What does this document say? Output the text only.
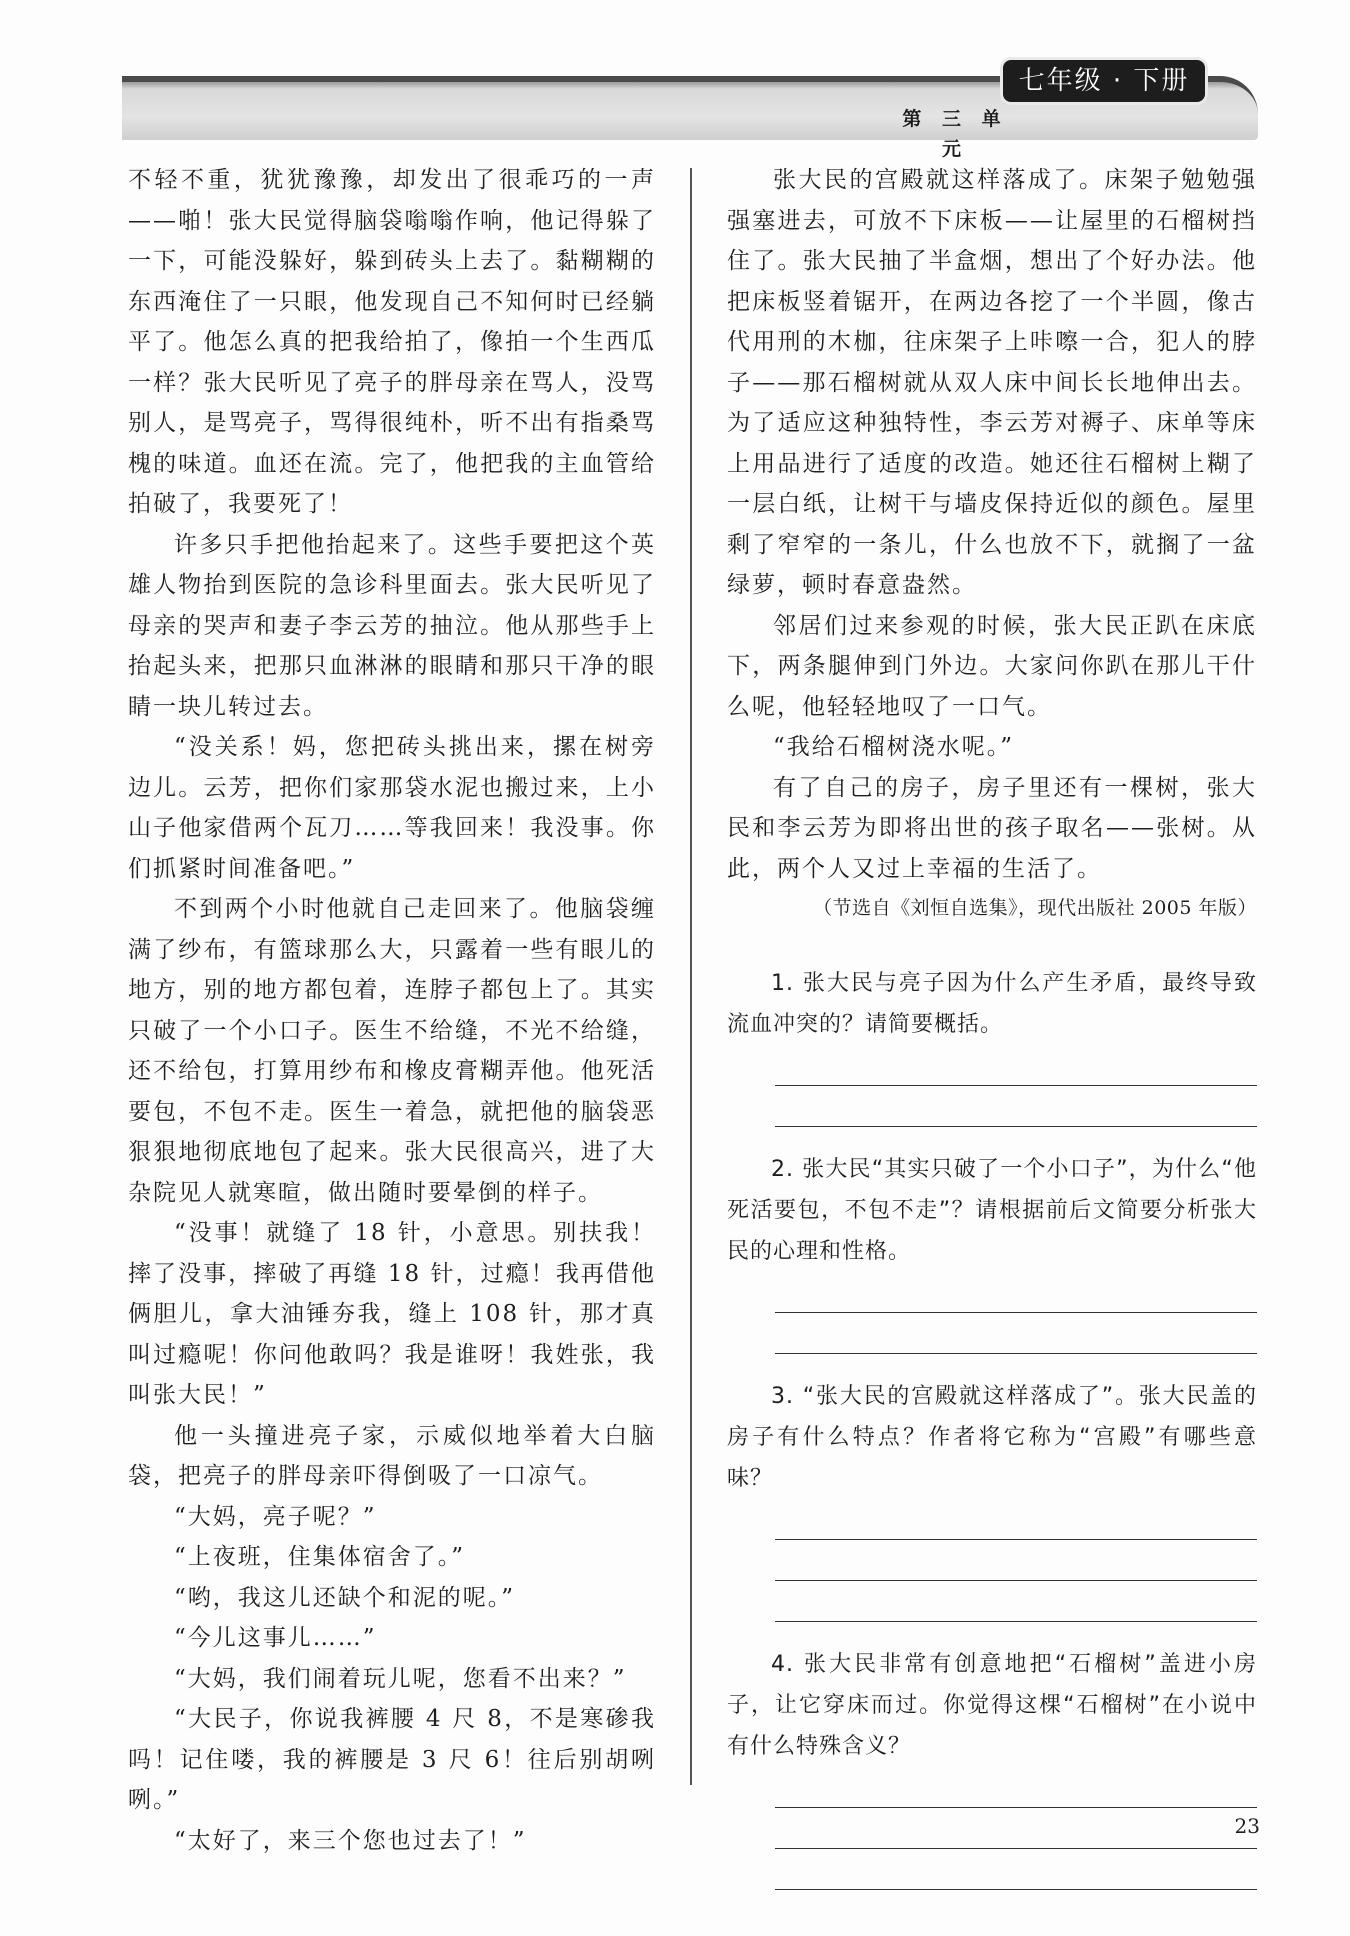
七年级 · 下册
第 三 单 元

不轻不重，犹犹豫豫，却发出了很乖巧的一声——啪！张大民觉得脑袋嗡嗡作响，他记得躲了一下，可能没躲好，躲到砖头上去了。黏糊糊的东西淹住了一只眼，他发现自己不知何时已经躺平了。他怎么真的把我给拍了，像拍一个生西瓜一样？张大民听见了亮子的胖母亲在骂人，没骂别人，是骂亮子，骂得很纯朴，听不出有指桑骂槐的味道。血还在流。完了，他把我的主血管给拍破了，我要死了！

许多只手把他抬起来了。这些手要把这个英雄人物抬到医院的急诊科里面去。张大民听见了母亲的哭声和妻子李云芳的抽泣。他从那些手上抬起头来，把那只血淋淋的眼睛和那只干净的眼睛一块儿转过去。

“没关系！妈，您把砖头挑出来，摞在树旁边儿。云芳，把你们家那袋水泥也搬过来，上小山子他家借两个瓦刀……等我回来！我没事。你们抓紧时间准备吧。”

不到两个小时他就自己走回来了。他脑袋缠满了纱布，有篮球那么大，只露着一些有眼儿的地方，别的地方都包着，连脖子都包上了。其实只破了一个小口子。医生不给缝，不光不给缝，还不给包，打算用纱布和橡皮膏糊弄他。他死活要包，不包不走。医生一着急，就把他的脑袋恶狠狠地彻底地包了起来。张大民很高兴，进了大杂院见人就寒暄，做出随时要晕倒的样子。

“没事！就缝了 18 针，小意思。别扶我！摔了没事，摔破了再缝 18 针，过瘾！我再借他俩胆儿，拿大油锤夯我，缝上 108 针，那才真叫过瘾呢！你问他敢吗？我是谁呀！我姓张，我叫张大民！”

他一头撞进亮子家，示威似地举着大白脑袋，把亮子的胖母亲吓得倒吸了一口凉气。

“大妈，亮子呢？”

“上夜班，住集体宿舍了。”

“哟，我这儿还缺个和泥的呢。”

“今儿这事儿……”

“大妈，我们闹着玩儿呢，您看不出来？”

“大民子，你说我裤腰 4 尺 8，不是寒碜我吗！记住喽，我的裤腰是 3 尺 6！往后别胡咧咧。”

“太好了，来三个您也过去了！”

张大民的宫殿就这样落成了。床架子勉勉强强塞进去，可放不下床板——让屋里的石榴树挡住了。张大民抽了半盒烟，想出了个好办法。他把床板竖着锯开，在两边各挖了一个半圆，像古代用刑的木枷，往床架子上咔嚓一合，犯人的脖子——那石榴树就从双人床中间长长地伸出去。为了适应这种独特性，李云芳对褥子、床单等床上用品进行了适度的改造。她还往石榴树上糊了一层白纸，让树干与墙皮保持近似的颜色。屋里剩了窄窄的一条儿，什么也放不下，就搁了一盆绿萝，顿时春意盎然。

邻居们过来参观的时候，张大民正趴在床底下，两条腿伸到门外边。大家问你趴在那儿干什么呢，他轻轻地叹了一口气。

“我给石榴树浇水呢。”

有了自己的房子，房子里还有一棵树，张大民和李云芳为即将出世的孩子取名——张树。从此，两个人又过上幸福的生活了。

（节选自《刘恒自选集》，现代出版社 2005 年版）

1. 张大民与亮子因为什么产生矛盾，最终导致流血冲突的？请简要概括。

2. 张大民“其实只破了一个小口子”，为什么“他死活要包，不包不走”？请根据前后文简要分析张大民的心理和性格。

3. “张大民的宫殿就这样落成了”。张大民盖的房子有什么特点？作者将它称为“宫殿”有哪些意味？

4. 张大民非常有创意地把“石榴树”盖进小房子，让它穿床而过。你觉得这棵“石榴树”在小说中有什么特殊含义？

23
